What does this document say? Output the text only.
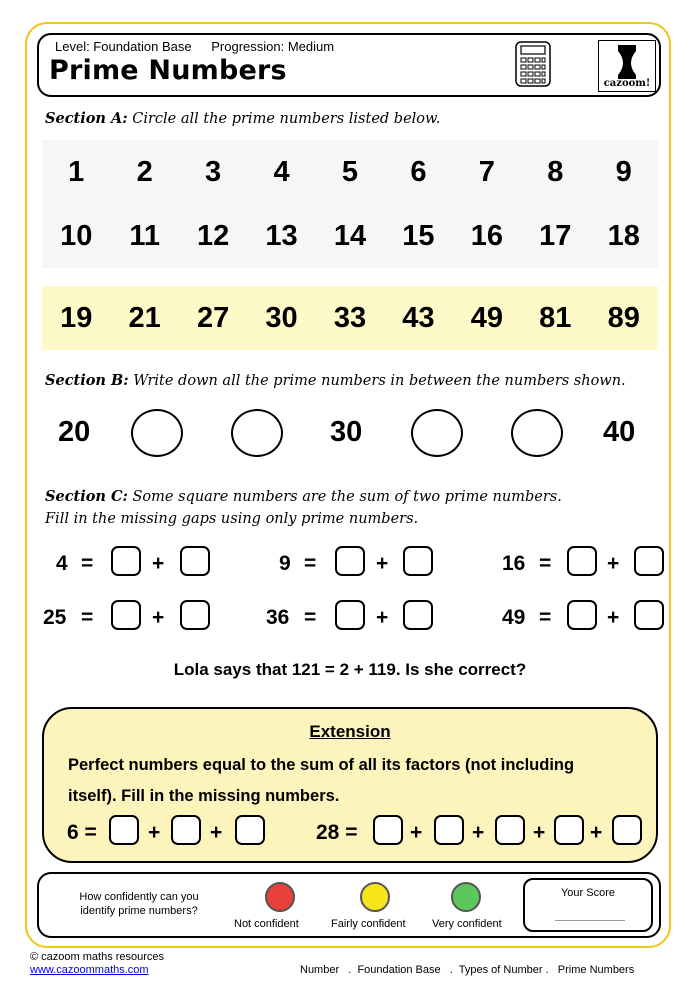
Level: Foundation Base Progression: Medium
Prime Numbers	cazoom!
Section A: Circle all the prime numbers listed below.
1	2	3	4	5	6	7	8	9
10	11	12	13	14	15	16	17	18
19	21	27	30	33	43	49	81	89
Section B: Write down all the prime numbers in between the numbers shown.
20	30	40
Section C: Some square numbers are the sum of two prime numbers.
Fill in the missing gaps using only prime numbers.
4 =	+	9 =	+	16 =	+
25 =	+	36 =	+	49 =	+
Lola says that 121 = 2 + 119. Is she correct?
Extension
Perfect numbers equal to the sum of all its factors (not including
itself). Fill in the missing numbers.
6 = + +	28 =	+ + + +
How confidently can you
identify prime numbers?
Not confident	Fairly confident Very confident
Your Score
© cazoom maths resources
www.cazoommaths.com	Number   .  Foundation Base   .  Types of Number .   Prime Numbers
